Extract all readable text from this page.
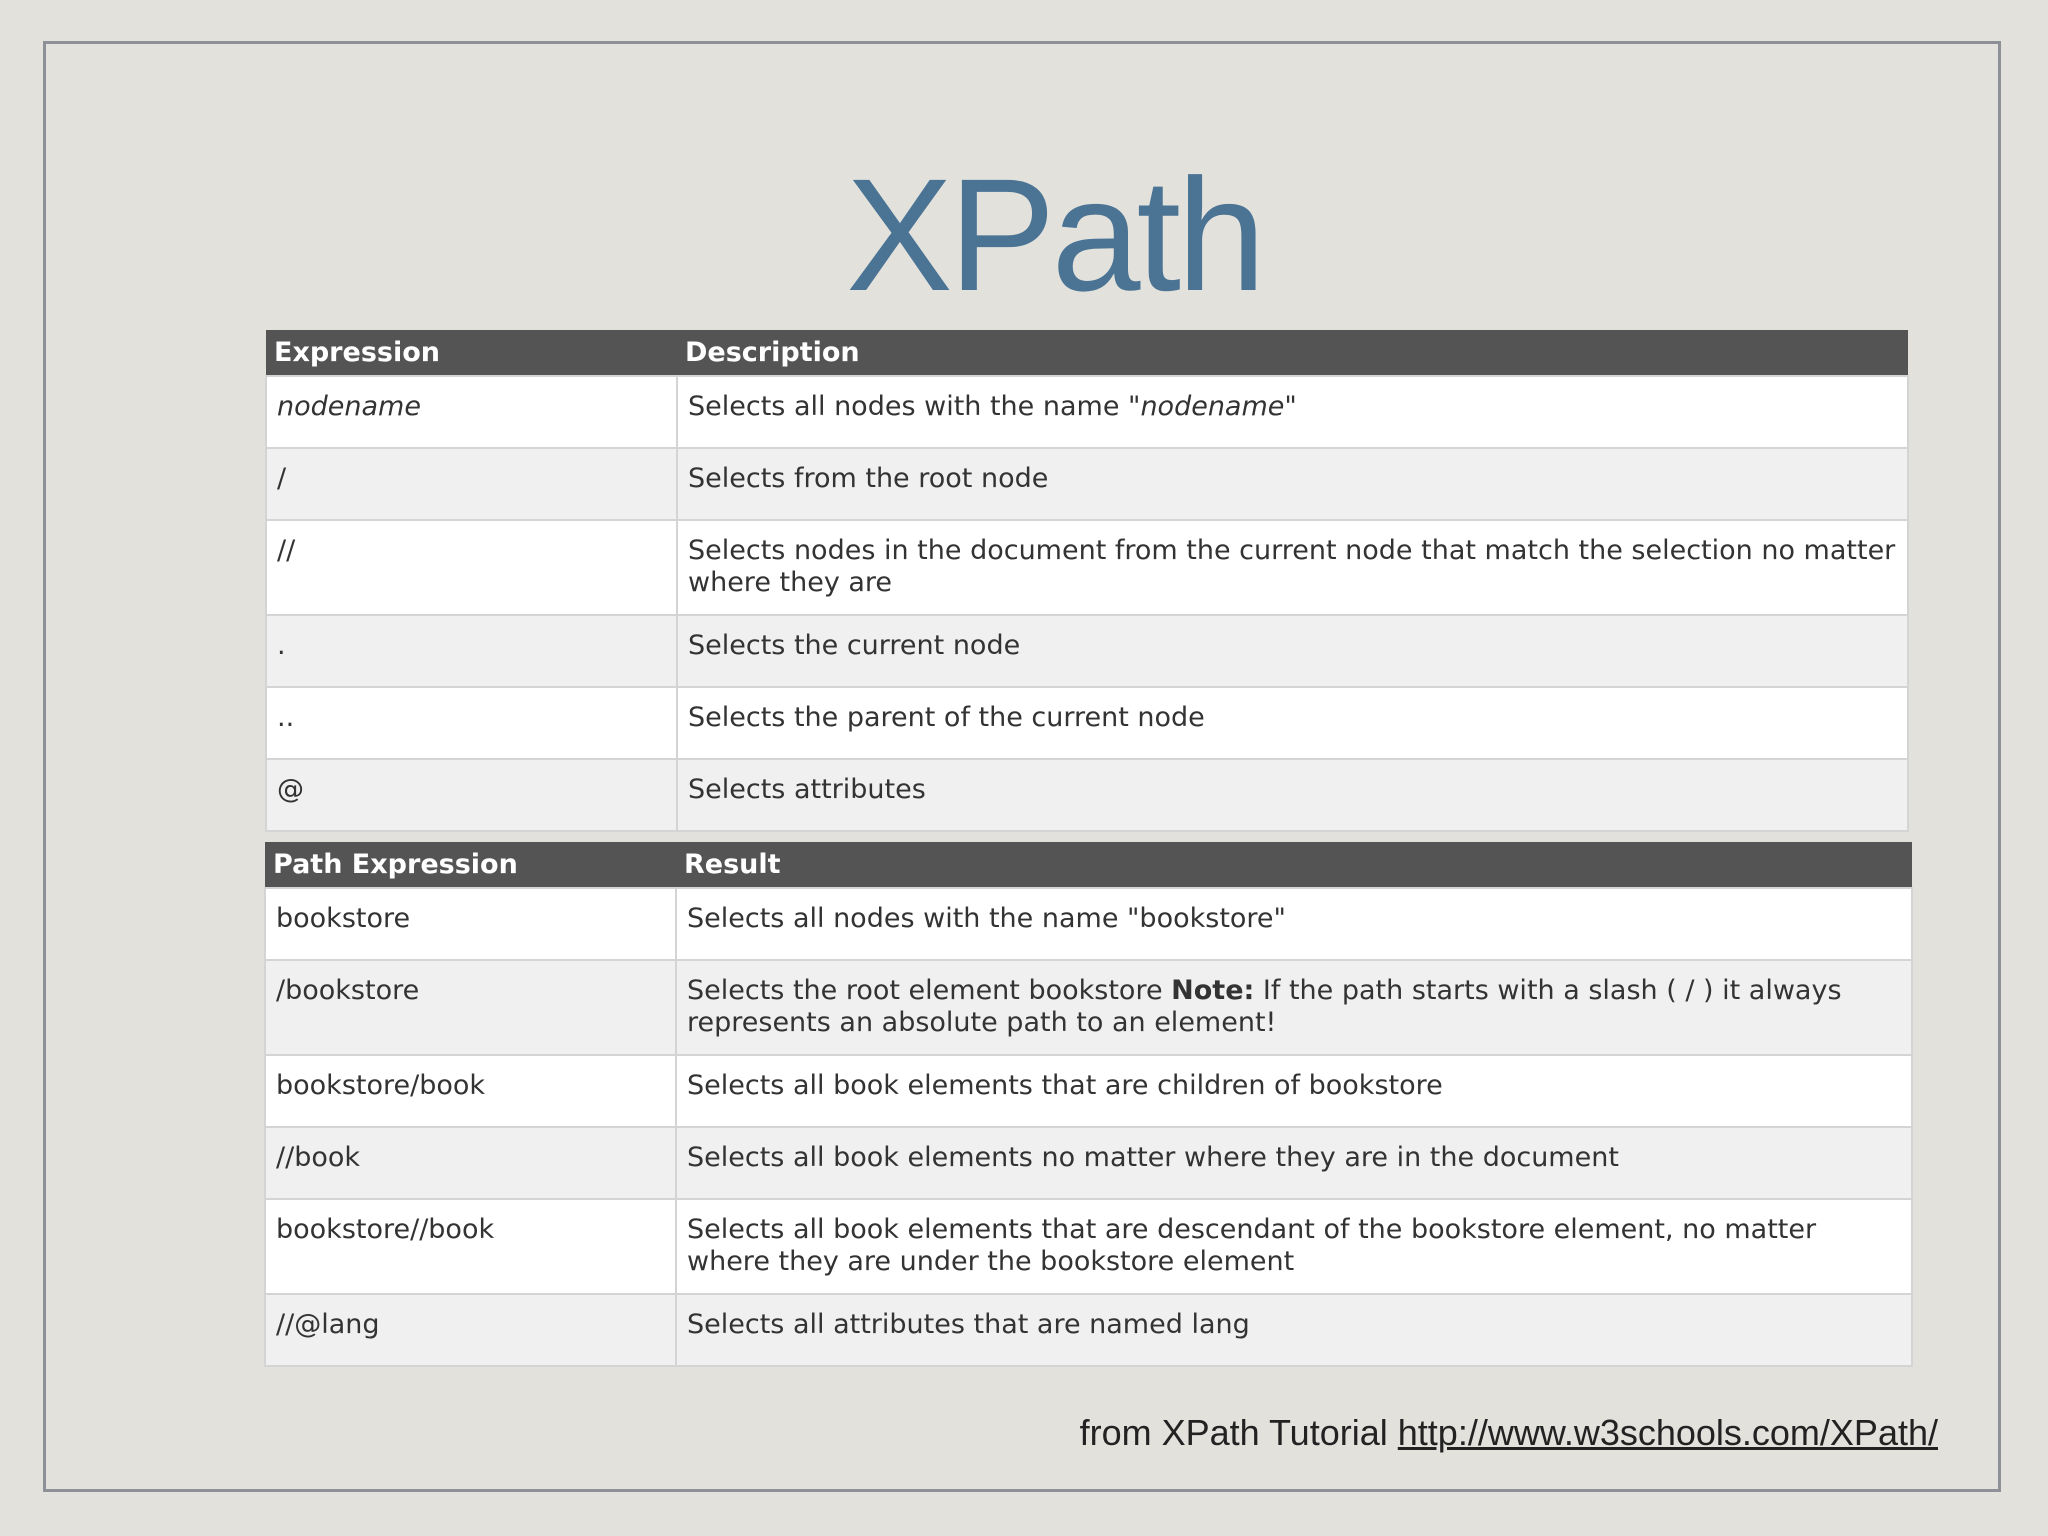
XPath
Expression	Description
nodename	Selects all nodes with the name "nodename"
/	Selects from the root node
//	Selects nodes in the document from the current node that match the selection no matter where they are
.	Selects the current node
..	Selects the parent of the current node
@	Selects attributes
Path Expression	Result
bookstore	Selects all nodes with the name "bookstore"
/bookstore	Selects the root element bookstore Note: If the path starts with a slash ( / ) it always represents an absolute path to an element!
bookstore/book	Selects all book elements that are children of bookstore
//book	Selects all book elements no matter where they are in the document
bookstore//book	Selects all book elements that are descendant of the bookstore element, no matter where they are under the bookstore element
//@lang	Selects all attributes that are named lang
from XPath Tutorial http://www.w3schools.com/XPath/
